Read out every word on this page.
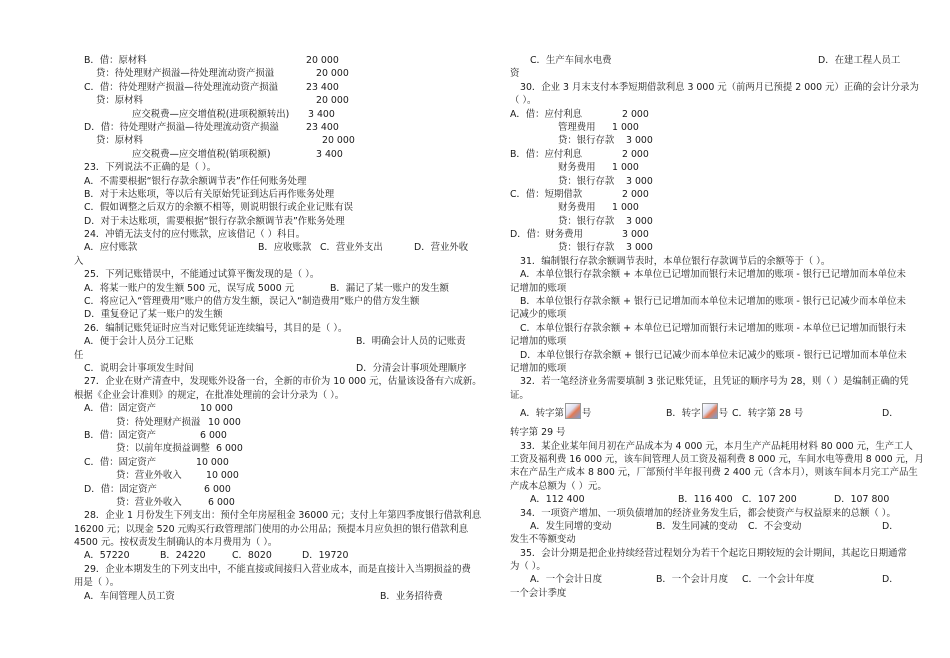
B．借：原材料	20 000
贷：待处理财产损溢—待处理流动资产损溢	20 000
C．借：待处理财产损溢—待处理流动资产损溢	23 400
贷：原材料	20 000
应交税费—应交增值税(进项税额转出) 3 400
D．借：待处理财产损溢—待处理流动资产损溢	23 400
贷：原材料	20 000
应交税费—应交增值税(销项税额)	3 400
23．下列说法不正确的是（ ）。
A．不需要根据“银行存款余额调节表”作任何账务处理
B．对于未达账项，等以后有关原始凭证到达后再作账务处理
C．假如调整之后双方的余额不相等，则说明银行或企业记账有误
D．对于未达账项，需要根据“银行存款余额调节表”作账务处理
24．冲销无法支付的应付账款，应该借记（ ）科目。
A．应付账款	B．应收账款 C．营业外支出	D．营业外收
入
25．下列记账错误中，不能通过试算平衡发现的是（ ）。
A．将某一账户的发生额 500 元，误写成 5000 元	B．漏记了某一账户的发生额
C．将应记入“管理费用”账户的借方发生额，误记入“制造费用”账户的借方发生额
D．重复登记了某一账户的发生额
26．编制记账凭证时应当对记账凭证连续编号，其目的是（ ）。
A．便于会计人员分工记账	B．明确会计人员的记账责
任
C．说明会计事项发生时间	D．分清会计事项处理顺序
27．企业在财产清查中，发现账外设备一台，全新的市价为 10 000 元，估量该设备有六成新。
根据《企业会计准则》的规定，在批准处理前的会计分录为（ ）。
A．借：固定资产	10 000
贷：待处理财产损溢 10 000
B．借：固定资产	6 000
贷：以前年度损益调整 6 000
C．借：固定资产	10 000
贷：营业外收入	10 000
D．借：固定资产	6 000
贷：营业外收入	6 000
28．企业 1 月份发生下列支出：预付全年房屋租金 36000 元；支付上年第四季度银行借款利息
16200 元；以现金 520 元购买行政管理部门使用的办公用品；预提本月应负担的银行借款利息
4500 元。按权责发生制确认的本月费用为（ ）。
A．57220	B．24220	C．8020	D．19720
29．企业本期发生的下列支出中，不能直接或间接归入营业成本，而是直接计入当期损益的费
用是（ ）。
A．车间管理人员工资	B．业务招待费
C．生产车间水电费	D．在建工程人员工
资
30．企业 3 月末支付本季短期借款利息 3 000 元（前两月已预提 2 000 元）正确的会计分录为
（ ）。
A．借：应付利息	2 000
管理费用 1 000
贷：银行存款 3 000
B．借：应付利息	2 000
财务费用 1 000
贷：银行存款 3 000
C．借：短期借款	2 000
财务费用 1 000
贷：银行存款 3 000
D．借：财务费用	3 000
贷：银行存款 3 000
31．编制银行存款余额调节表时，本单位银行存款调节后的余额等于（ ）。
A．本单位银行存款余额 + 本单位已记增加而银行未记增加的账项 - 银行已记增加而本单位未
记增加的账项
B．本单位银行存款余额 + 银行已记增加而本单位未记增加的账项 - 银行已记减少而本单位未
记减少的账项
C．本单位银行存款余额 + 本单位已记增加而银行未记增加的账项 - 本单位已记增加而银行未
记增加的账项
D．本单位银行存款余额 + 银行已记减少而本单位未记减少的账项 - 银行已记增加而本单位未
记增加的账项
32．若一笔经济业务需要填制 3 张记账凭证，且凭证的顺序号为 28，则（ ）是编制正确的凭
证。
A．转字第 号	B．转字 号 C．转字第 28 号	D．
转字第 29 号
33．某企业某年间月初在产品成本为 4 000 元，本月生产产品耗用材料 80 000 元，生产工人
工资及福利费 16 000 元，该车间管理人员工资及福利费 8 000 元，车间水电等费用 8 000 元，月
末在产品生产成本 8 800 元，厂部预付半年报刊费 2 400 元（含本月），则该车间本月完工产品生
产成本总额为（ ）元。
A．112 400	B．116 400 C．107 200	D．107 800
34．一项资产增加、一项负债增加的经济业务发生后，都会使资产与权益原来的总额（ ）。
A．发生同增的变动	B．发生同减的变动 C．不会变动	D．
发生不等额变动
35．会计分期是把企业持续经营过程划分为若干个起讫日期较短的会计期间，其起讫日期通常
为（ ）。
A．一个会计日度	B．一个会计月度 C．一个会计年度	D．
一个会计季度
